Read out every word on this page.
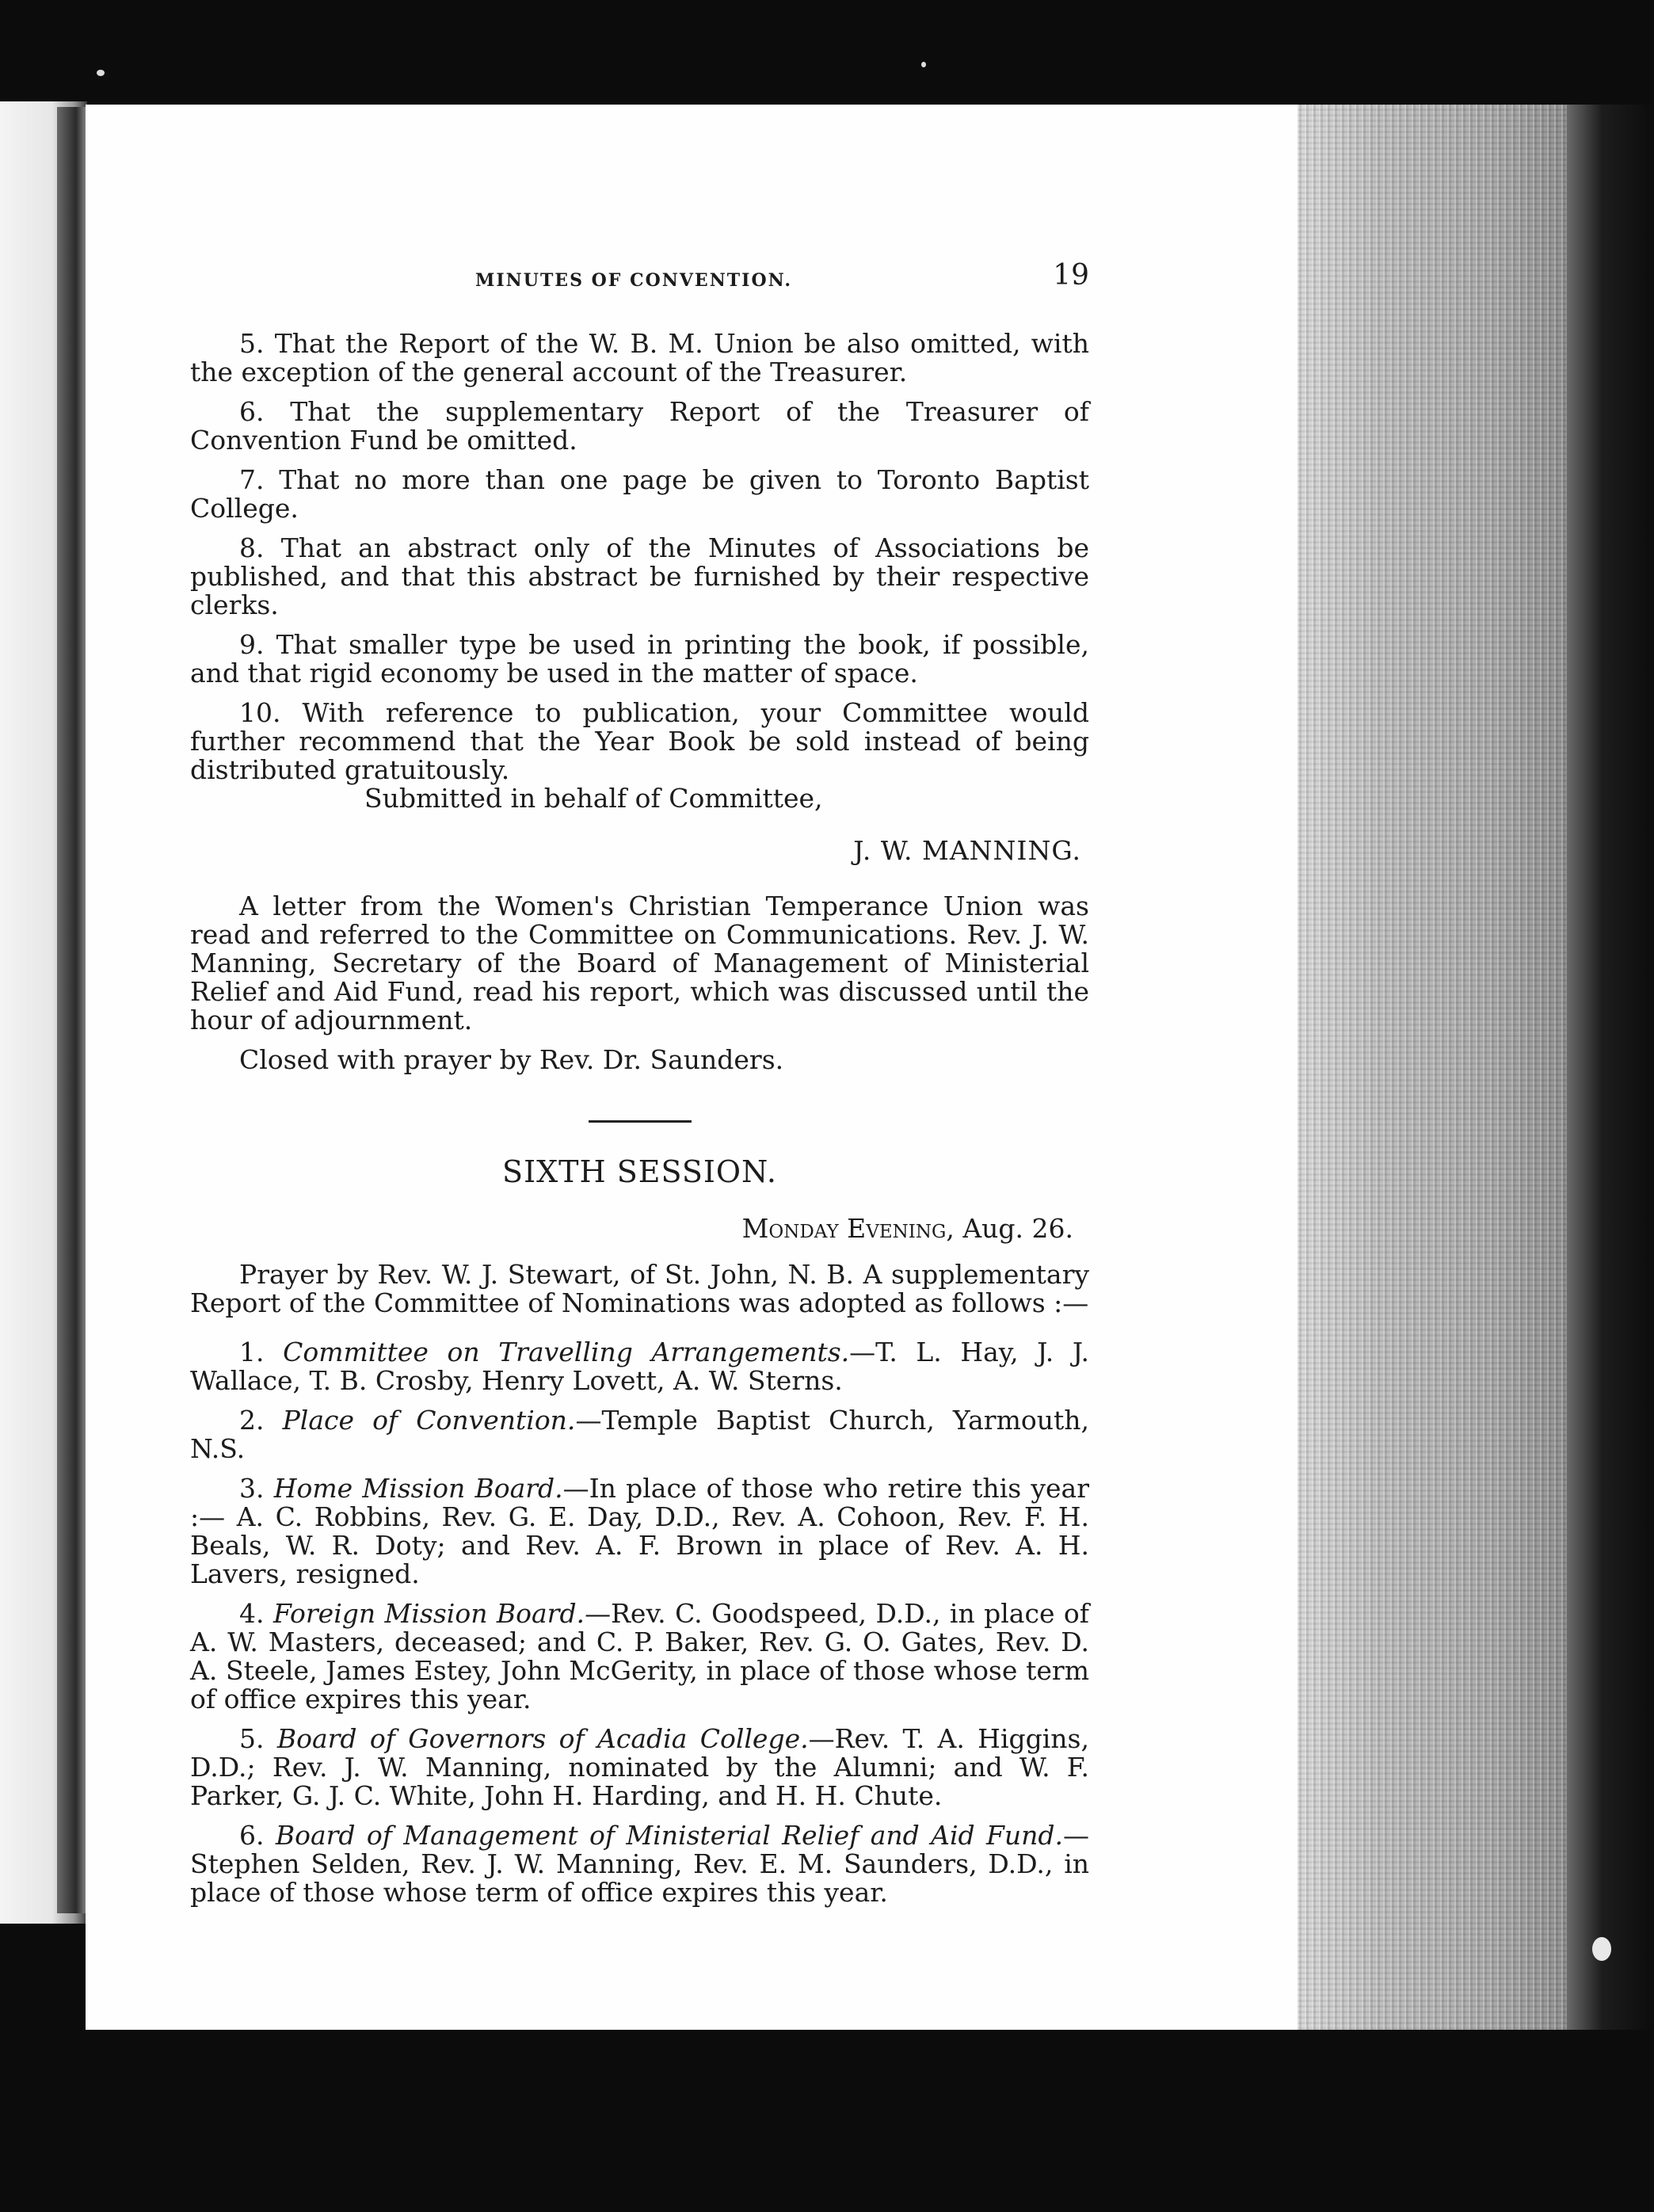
MINUTES OF CONVENTION.	19

5. That the Report of the W. B. M. Union be also omitted, with the exception of the general account of the Treasurer.

6. That the supplementary Report of the Treasurer of Convention Fund be omitted.

7. That no more than one page be given to Toronto Baptist College.

8. That an abstract only of the Minutes of Associations be published, and that this abstract be furnished by their respective clerks.

9. That smaller type be used in printing the book, if possible, and that rigid economy be used in the matter of space.

10. With reference to publication, your Committee would further recommend that the Year Book be sold instead of being distributed gratuitously.

Submitted in behalf of Committee,

J. W. MANNING.

A letter from the Women's Christian Temperance Union was read and referred to the Committee on Communications. Rev. J. W. Manning, Secretary of the Board of Management of Ministerial Relief and Aid Fund, read his report, which was discussed until the hour of adjournment.

Closed with prayer by Rev. Dr. Saunders.

SIXTH SESSION.

Monday Evening, Aug. 26.

Prayer by Rev. W. J. Stewart, of St. John, N. B. A supplementary Report of the Committee of Nominations was adopted as follows :—

1. Committee on Travelling Arrangements.—T. L. Hay, J. J. Wallace, T. B. Crosby, Henry Lovett, A. W. Sterns.

2. Place of Convention.—Temple Baptist Church, Yarmouth, N.S.

3. Home Mission Board.—In place of those who retire this year :— A. C. Robbins, Rev. G. E. Day, D.D., Rev. A. Cohoon, Rev. F. H. Beals, W. R. Doty; and Rev. A. F. Brown in place of Rev. A. H. Lavers, resigned.

4. Foreign Mission Board.—Rev. C. Goodspeed, D.D., in place of A. W. Masters, deceased; and C. P. Baker, Rev. G. O. Gates, Rev. D. A. Steele, James Estey, John McGerity, in place of those whose term of office expires this year.

5. Board of Governors of Acadia College.—Rev. T. A. Higgins, D.D.; Rev. J. W. Manning, nominated by the Alumni; and W. F. Parker, G. J. C. White, John H. Harding, and H. H. Chute.

6. Board of Management of Ministerial Relief and Aid Fund.— Stephen Selden, Rev. J. W. Manning, Rev. E. M. Saunders, D.D., in place of those whose term of office expires this year.
